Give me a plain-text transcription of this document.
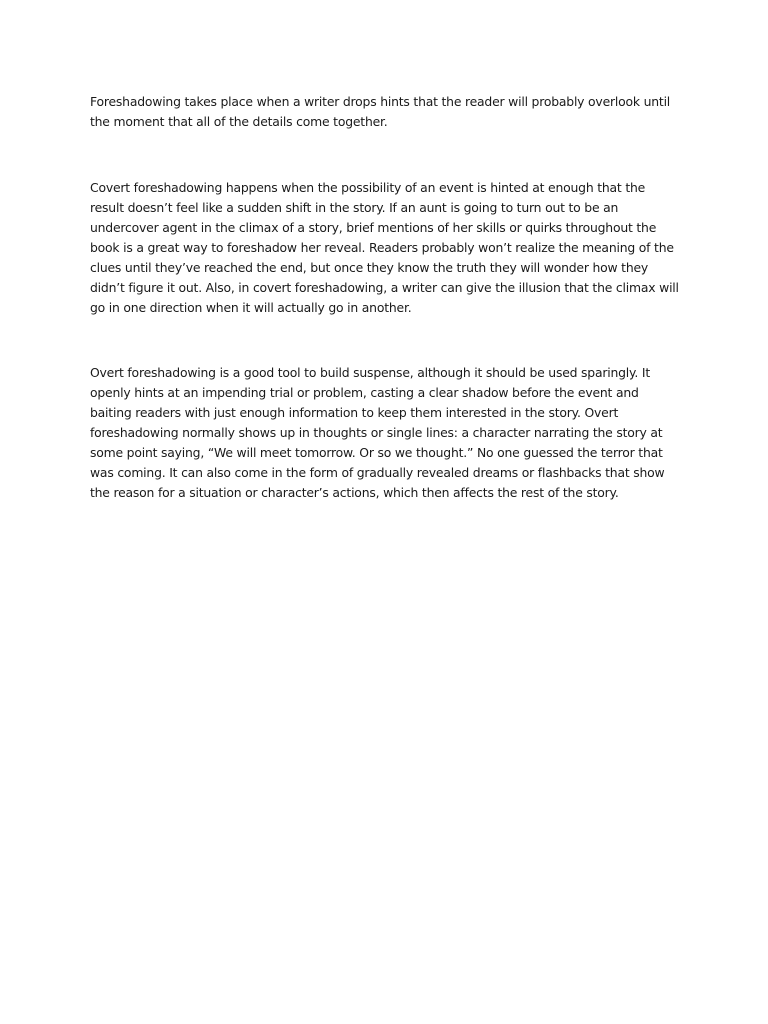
Foreshadowing takes place when a writer drops hints that the reader will probably overlook until the moment that all of the details come together.

Covert foreshadowing happens when the possibility of an event is hinted at enough that the result doesn’t feel like a sudden shift in the story. If an aunt is going to turn out to be an undercover agent in the climax of a story, brief mentions of her skills or quirks throughout the book is a great way to foreshadow her reveal. Readers probably won’t realize the meaning of the clues until they’ve reached the end, but once they know the truth they will wonder how they didn’t figure it out. Also, in covert foreshadowing, a writer can give the illusion that the climax will go in one direction when it will actually go in another.

Overt foreshadowing is a good tool to build suspense, although it should be used sparingly. It openly hints at an impending trial or problem, casting a clear shadow before the event and baiting readers with just enough information to keep them interested in the story. Overt foreshadowing normally shows up in thoughts or single lines: a character narrating the story at some point saying, “We will meet tomorrow. Or so we thought.” No one guessed the terror that was coming. It can also come in the form of gradually revealed dreams or flashbacks that show the reason for a situation or character’s actions, which then affects the rest of the story.
